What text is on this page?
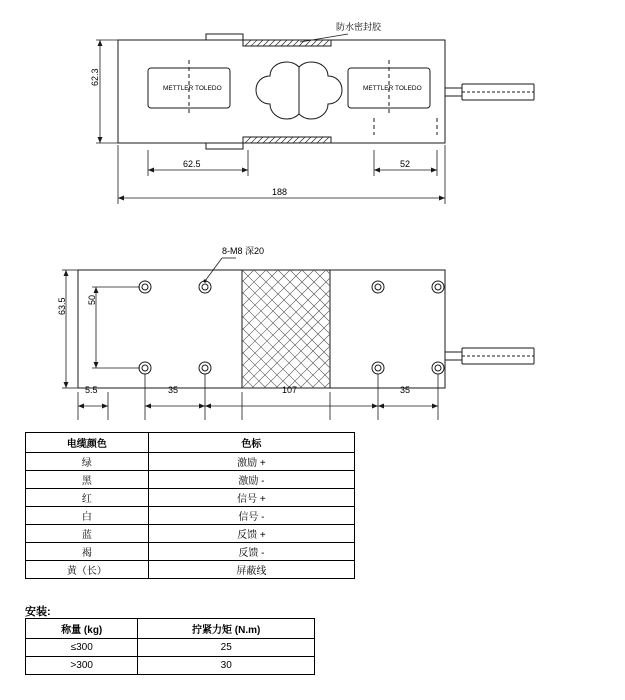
62.3
防水密封胶
METTLER TOLEDO	METTLER TOLEDO
62.5	52
188
63.5 50
8-M8 深20
5.5	35	107	35
电缆颜色	色标
绿	激励 +
黑	激励 -
红	信号 +
白	信号 -
蓝	反馈 +
褐	反馈 -
黄（长）	屏蔽线
安装:
称量 (kg)	拧紧力矩 (N.m)
≤300	25
>300	30
